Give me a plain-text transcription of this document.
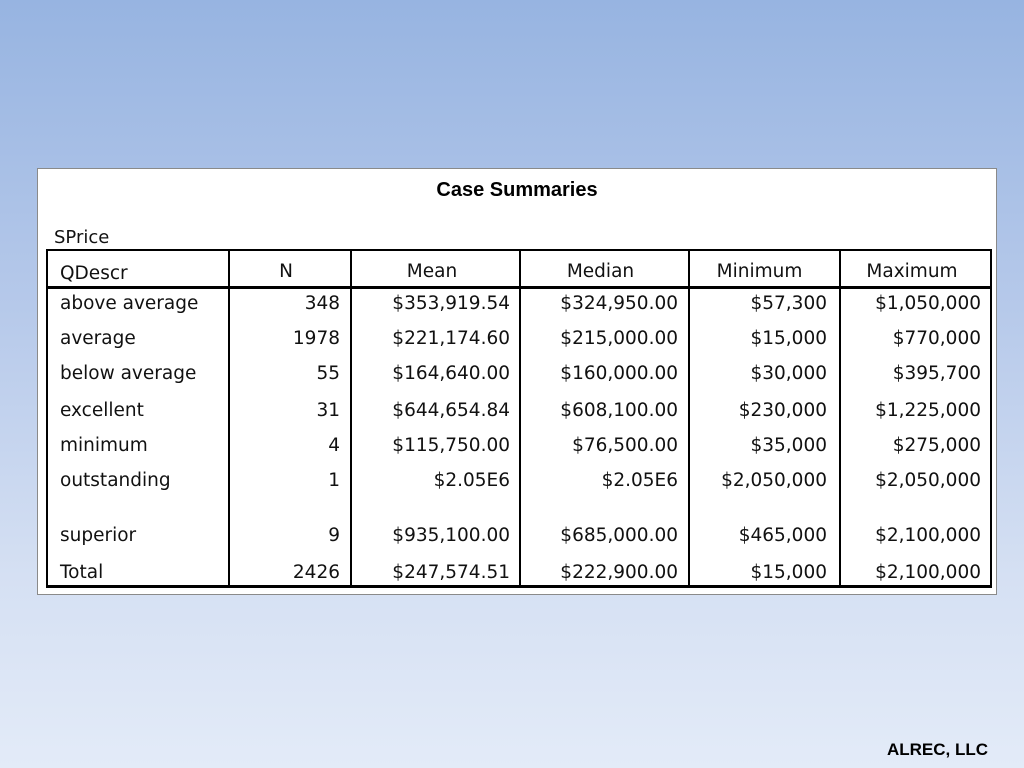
Case Summaries
SPrice
QDescr	N	Mean	Median	Minimum	Maximum
above average	348	$353,919.54	$324,950.00	$57,300	$1,050,000
average	1978	$221,174.60	$215,000.00	$15,000	$770,000
below average	55	$164,640.00	$160,000.00	$30,000	$395,700
excellent	31	$644,654.84	$608,100.00	$230,000	$1,225,000
minimum	4	$115,750.00	$76,500.00	$35,000	$275,000
outstanding	1	$2.05E6	$2.05E6	$2,050,000	$2,050,000
superior	9	$935,100.00	$685,000.00	$465,000	$2,100,000
Total	2426	$247,574.51	$222,900.00	$15,000	$2,100,000
ALREC, LLC
